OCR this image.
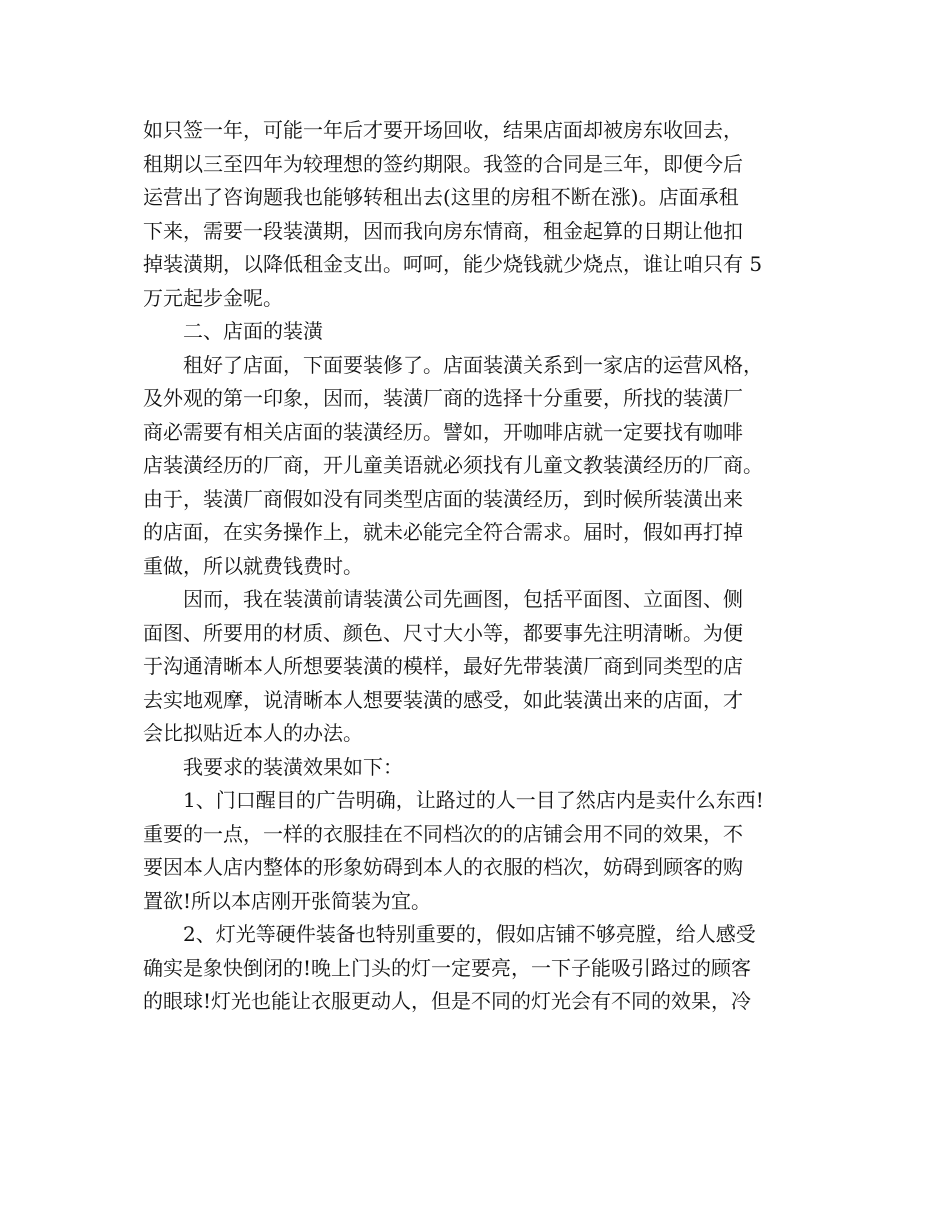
如只签一年，可能一年后才要开场回收，结果店面却被房东收回去，
租期以三至四年为较理想的签约期限。我签的合同是三年，即便今后
运营出了咨询题我也能够转租出去(这里的房租不断在涨)。店面承租
下来，需要一段装潢期，因而我向房东情商，租金起算的日期让他扣
掉装潢期，以降低租金支出。呵呵，能少烧钱就少烧点，谁让咱只有 5
万元起步金呢。
二、店面的装潢
租好了店面，下面要装修了。店面装潢关系到一家店的运营风格，
及外观的第一印象，因而，装潢厂商的选择十分重要，所找的装潢厂
商必需要有相关店面的装潢经历。譬如，开咖啡店就一定要找有咖啡
店装潢经历的厂商，开儿童美语就必须找有儿童文教装潢经历的厂商。
由于，装潢厂商假如没有同类型店面的装潢经历，到时候所装潢出来
的店面，在实务操作上，就未必能完全符合需求。届时，假如再打掉
重做，所以就费钱费时。
因而，我在装潢前请装潢公司先画图，包括平面图、立面图、侧
面图、所要用的材质、颜色、尺寸大小等，都要事先注明清晰。为便
于沟通清晰本人所想要装潢的模样，最好先带装潢厂商到同类型的店
去实地观摩，说清晰本人想要装潢的感受，如此装潢出来的店面，才
会比拟贴近本人的办法。
我要求的装潢效果如下：
1、门口醒目的广告明确，让路过的人一目了然店内是卖什么东西!
重要的一点，一样的衣服挂在不同档次的的店铺会用不同的效果，不
要因本人店内整体的形象妨碍到本人的衣服的档次，妨碍到顾客的购
置欲!所以本店刚开张简装为宜。
2、灯光等硬件装备也特别重要的，假如店铺不够亮膛，给人感受
确实是象快倒闭的!晚上门头的灯一定要亮，一下子能吸引路过的顾客
的眼球!灯光也能让衣服更动人，但是不同的灯光会有不同的效果，冷
